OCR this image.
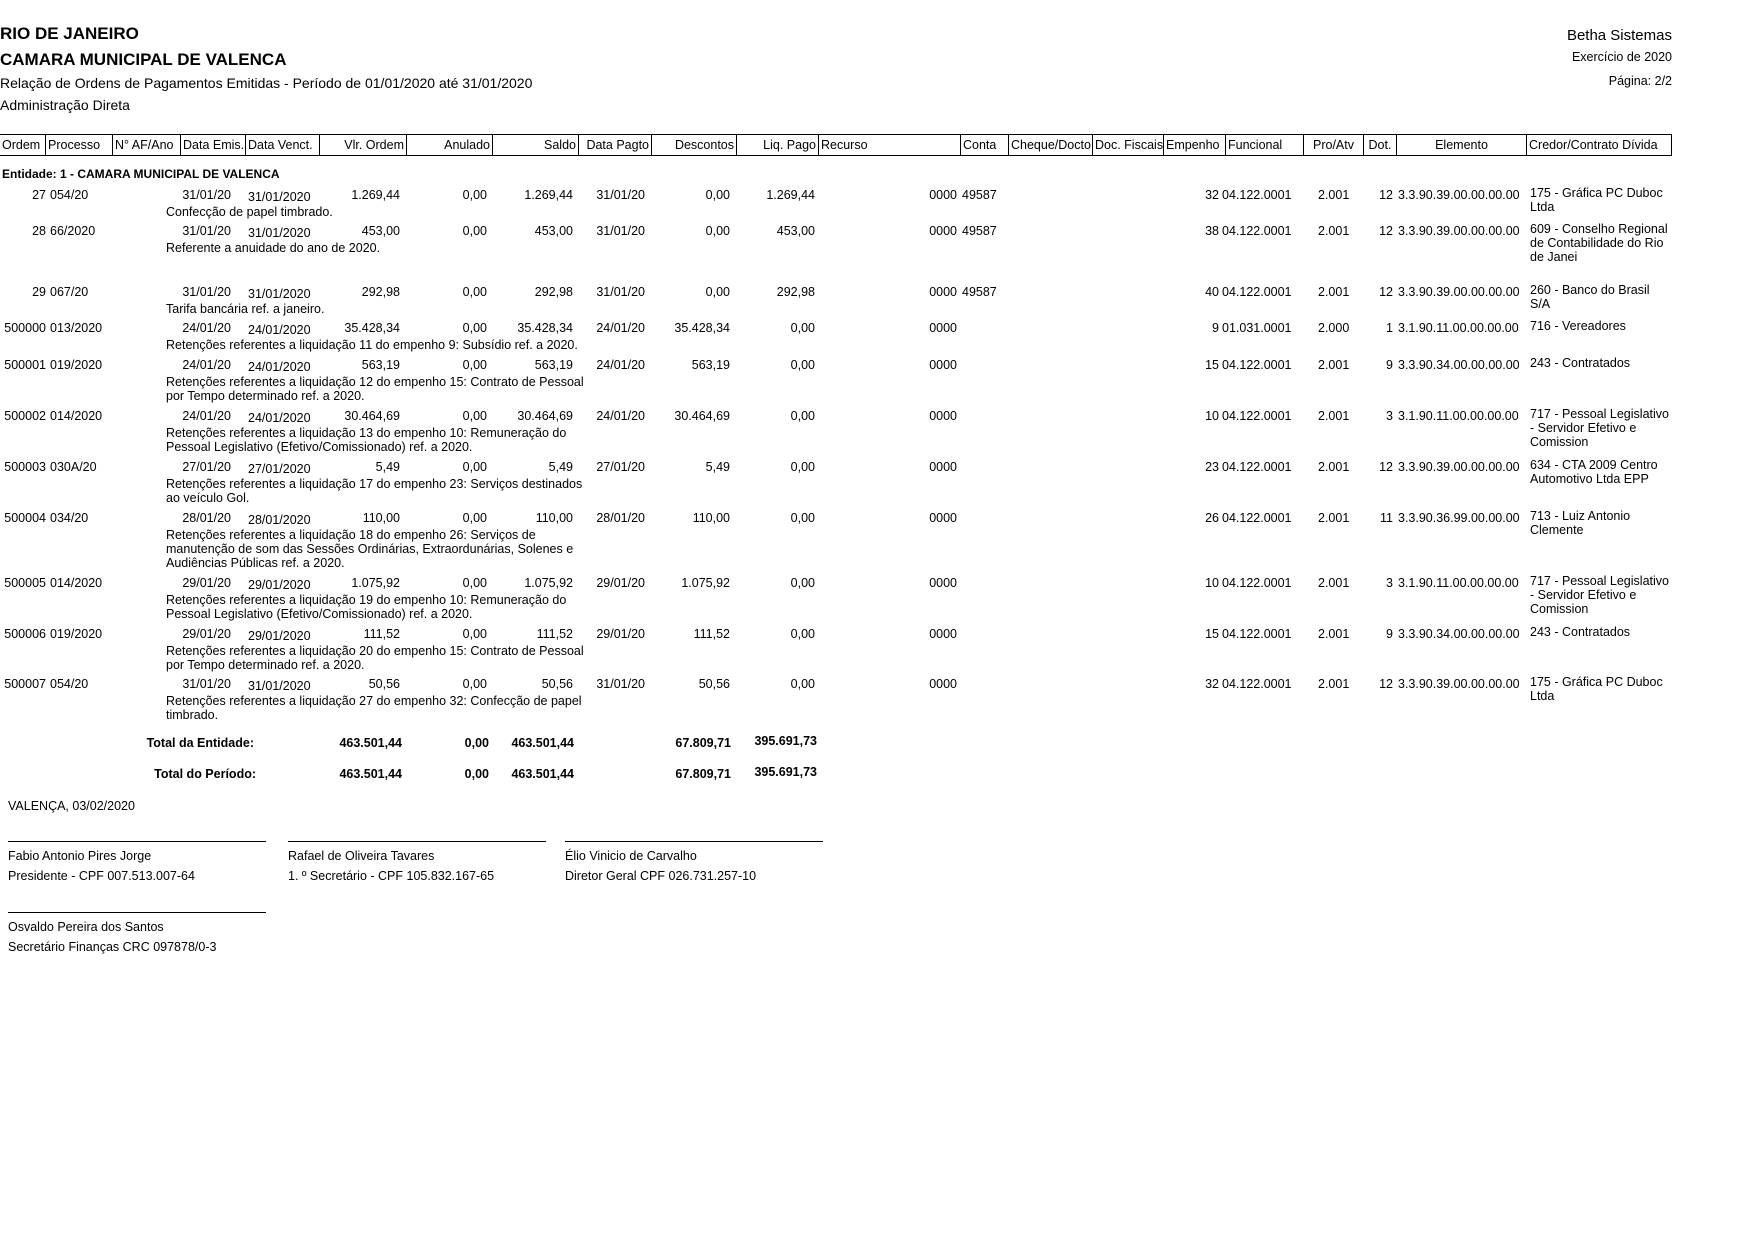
RIO DE JANEIRO
CAMARA MUNICIPAL DE VALENCA
Relação de Ordens de Pagamentos Emitidas - Período de 01/01/2020 até 31/01/2020
Administração Direta
Betha Sistemas
Exercício de 2020
Página: 2/2
Ordem Processo	N° AF/Ano Data Emis. Data Venct.	Vlr. Ordem	Anulado	Saldo Data Pagto	Descontos	Liq. Pago Recurso	Conta	Cheque/Docto Doc. Fiscais Empenho Funcional	Pro/Atv	Dot.	Elemento	Credor/Contrato Dívida
Entidade: 1 - CAMARA MUNICIPAL DE VALENCA
27 054/20	31/01/20 31/01/2020	1.269,44	0,00	1.269,44	31/01/20	0,00	1.269,44	0000 49587	32 04.122.0001 2.001	12 3.3.90.39.00.00.00.00 175 - Gráfica PC Duboc Ltda
Confecção de papel timbrado.
28 66/2020	31/01/20 31/01/2020	453,00	0,00	453,00	31/01/20	0,00	453,00	0000 49587	38 04.122.0001 2.001	12 3.3.90.39.00.00.00.00 609 - Conselho Regional de Contabilidade do Rio de Janei
Referente a anuidade do ano de 2020.
29 067/20	31/01/20 31/01/2020	292,98	0,00	292,98	31/01/20	0,00	292,98	0000 49587	40 04.122.0001 2.001	12 3.3.90.39.00.00.00.00 260 - Banco do Brasil S/A
Tarifa bancária ref. a janeiro.
500000 013/2020	24/01/20 24/01/2020	35.428,34	0,00	35.428,34	24/01/20	35.428,34	0,00	0000	9 01.031.0001 2.000	1 3.1.90.11.00.00.00.00 716 - Vereadores
Retenções referentes a liquidação 11 do empenho 9: Subsídio ref. a 2020.
500001 019/2020	24/01/20 24/01/2020	563,19	0,00	563,19	24/01/20	563,19	0,00	0000	15 04.122.0001 2.001	9 3.3.90.34.00.00.00.00 243 - Contratados
Retenções referentes a liquidação 12 do empenho 15: Contrato de Pessoal por Tempo determinado ref. a 2020.
500002 014/2020	24/01/20 24/01/2020	30.464,69	0,00	30.464,69	24/01/20	30.464,69	0,00	0000	10 04.122.0001 2.001	3 3.1.90.11.00.00.00.00 717 - Pessoal Legislativo - Servidor Efetivo e Comission
Retenções referentes a liquidação 13 do empenho 10: Remuneração do Pessoal Legislativo (Efetivo/Comissionado) ref. a 2020.
500003 030A/20	27/01/20 27/01/2020	5,49	0,00	5,49	27/01/20	5,49	0,00	0000	23 04.122.0001 2.001	12 3.3.90.39.00.00.00.00 634 - CTA 2009 Centro Automotivo Ltda EPP
Retenções referentes a liquidação 17 do empenho 23: Serviços destinados ao veículo Gol.
500004 034/20	28/01/20 28/01/2020	110,00	0,00	110,00	28/01/20	110,00	0,00	0000	26 04.122.0001 2.001	11 3.3.90.36.99.00.00.00 713 - Luiz Antonio Clemente
Retenções referentes a liquidação 18 do empenho 26: Serviços de manutenção de som das Sessões Ordinárias, Extraordunárias, Solenes e Audiências Públicas ref. a 2020.
500005 014/2020	29/01/20 29/01/2020	1.075,92	0,00	1.075,92	29/01/20	1.075,92	0,00	0000	10 04.122.0001 2.001	3 3.1.90.11.00.00.00.00 717 - Pessoal Legislativo - Servidor Efetivo e Comission
Retenções referentes a liquidação 19 do empenho 10: Remuneração do Pessoal Legislativo (Efetivo/Comissionado) ref. a 2020.
500006 019/2020	29/01/20 29/01/2020	111,52	0,00	111,52	29/01/20	111,52	0,00	0000	15 04.122.0001 2.001	9 3.3.90.34.00.00.00.00 243 - Contratados
Retenções referentes a liquidação 20 do empenho 15: Contrato de Pessoal por Tempo determinado ref. a 2020.
500007 054/20	31/01/20 31/01/2020	50,56	0,00	50,56	31/01/20	50,56	0,00	0000	32 04.122.0001 2.001	12 3.3.90.39.00.00.00.00 175 - Gráfica PC Duboc Ltda
Retenções referentes a liquidação 27 do empenho 32: Confecção de papel timbrado.
Total da Entidade:	463.501,44	0,00	463.501,44	67.809,71	395.691,73
Total do Período:	463.501,44	0,00	463.501,44	67.809,71	395.691,73
VALENÇA, 03/02/2020
Fabio Antonio Pires Jorge
Presidente - CPF 007.513.007-64
Rafael de Oliveira Tavares
1. º Secretário - CPF 105.832.167-65
Élio Vinicio de Carvalho
Diretor Geral CPF 026.731.257-10
Osvaldo Pereira dos Santos
Secretário Finanças CRC 097878/0-3
